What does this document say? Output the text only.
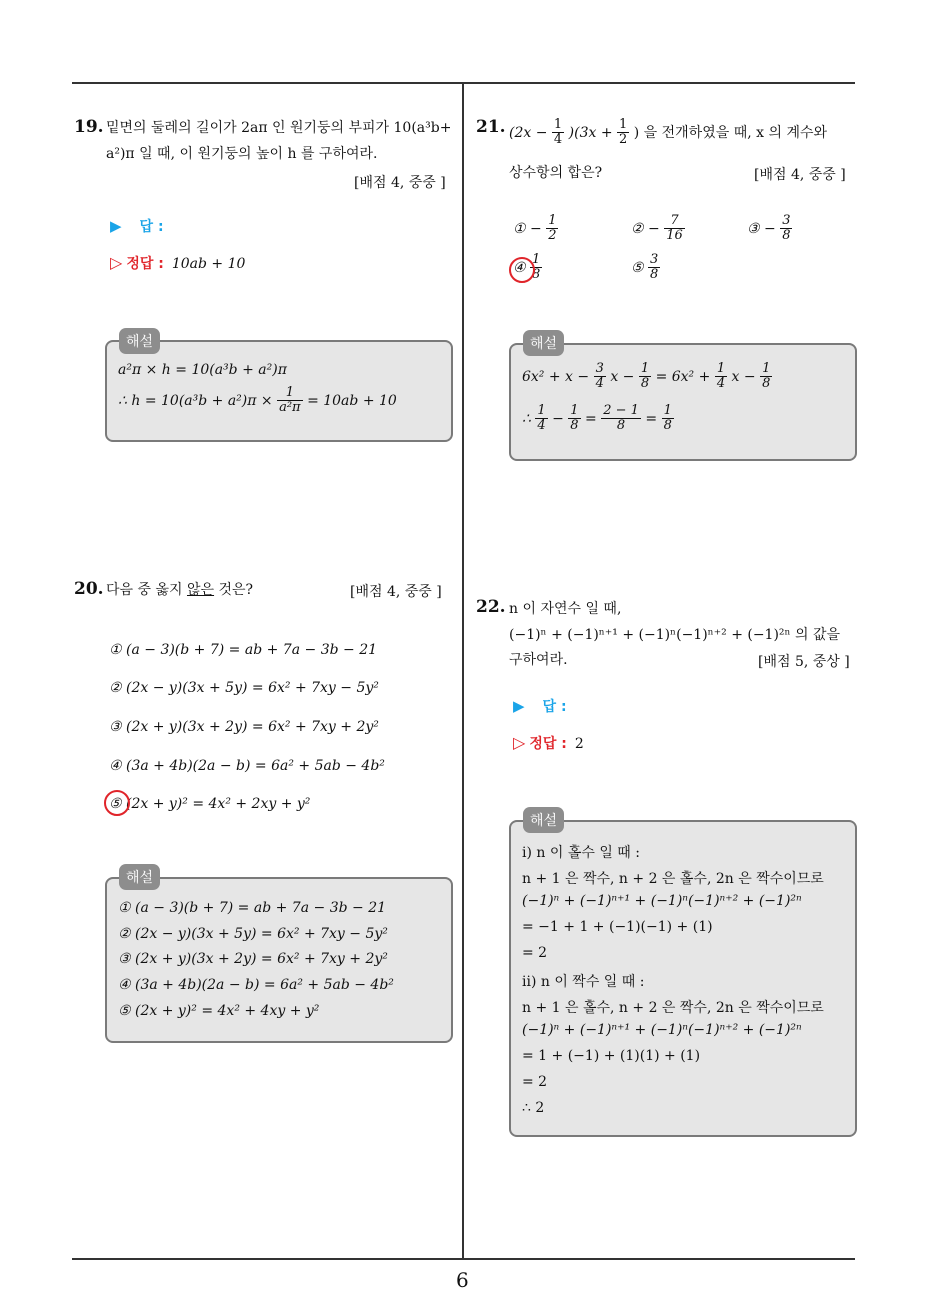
6
19. 밑면의 둘레의 길이가 2aπ 인 원기둥의 부피가 10(a³b+
a²)π 일 때, 이 원기둥의 높이 h 를 구하여라.
[배점 4, 중중 ]
▶ 답 :
▷ 정답 : 10ab + 10
해설
a²π × h = 10(a³b + a²)π
∴ $h = 10(a^3b + a^2)\pi \times \frac{1}{\text{a²π}} = 10ab + 10$
20. 다음 중 옳지 않은 것은?	[배점 4, 중중 ]
① (a − 3)(b + 7) = ab + 7a − 3b − 21
② (2x − y)(3x + 5y) = 6x² + 7xy − 5y²
③ (2x + y)(3x + 2y) = 6x² + 7xy + 2y²
④ (3a + 4b)(2a − b) = 6a² + 5ab − 4b²
⑤ (2x + y)² = 4x² + 2xy + y²
해설
① (a − 3)(b + 7) = ab + 7a − 3b − 21
② (2x − y)(3x + 5y) = 6x² + 7xy − 5y²
③ (2x + y)(3x + 2y) = 6x² + 7xy + 2y²
④ (3a + 4b)(2a − b) = 6a² + 5ab − 4b²
⑤ (2x + y)² = 4x² + 4xy + y²
21. $(2x - \frac{1}{4} )(3x + \frac{1}{2}$ ) 을 전개하였을 때, x 의 계수와
상수항의 합은?	[배점 4, 중중 ]
① − $\frac{1}{2}$	② − $\frac{7}{16}$	③ − $\frac{3}{8}$
④ $\frac{1}{8}$	⑤ $\frac{3}{8}$
해설
$6x^2 + x - \frac{3}{4}$ $x - \frac{1}{8} = 6x^2 + \frac{1}{4}$ $x - \frac{1}{8}$
∴ $\frac{1}{4} - \frac{1}{8} = \frac{2 - 1}{8} = \frac{1}{8}$
22. n 이 자연수 일 때,
(−1)ⁿ + (−1)ⁿ⁺¹ + (−1)ⁿ(−1)ⁿ⁺² + (−1)²ⁿ 의 값을
구하여라.	[배점 5, 중상 ]
▶ 답 :
▷ 정답 : 2
해설
i) n 이 홀수 일 때 :
n + 1 은 짝수, n + 2 은 홀수, 2n 은 짝수이므로
(−1)ⁿ + (−1)ⁿ⁺¹ + (−1)ⁿ(−1)ⁿ⁺² + (−1)²ⁿ
= −1 + 1 + (−1)(−1) + (1)
= 2
ii) n 이 짝수 일 때 :
n + 1 은 홀수, n + 2 은 짝수, 2n 은 짝수이므로
(−1)ⁿ + (−1)ⁿ⁺¹ + (−1)ⁿ(−1)ⁿ⁺² + (−1)²ⁿ
= 1 + (−1) + (1)(1) + (1)
= 2
∴ 2
